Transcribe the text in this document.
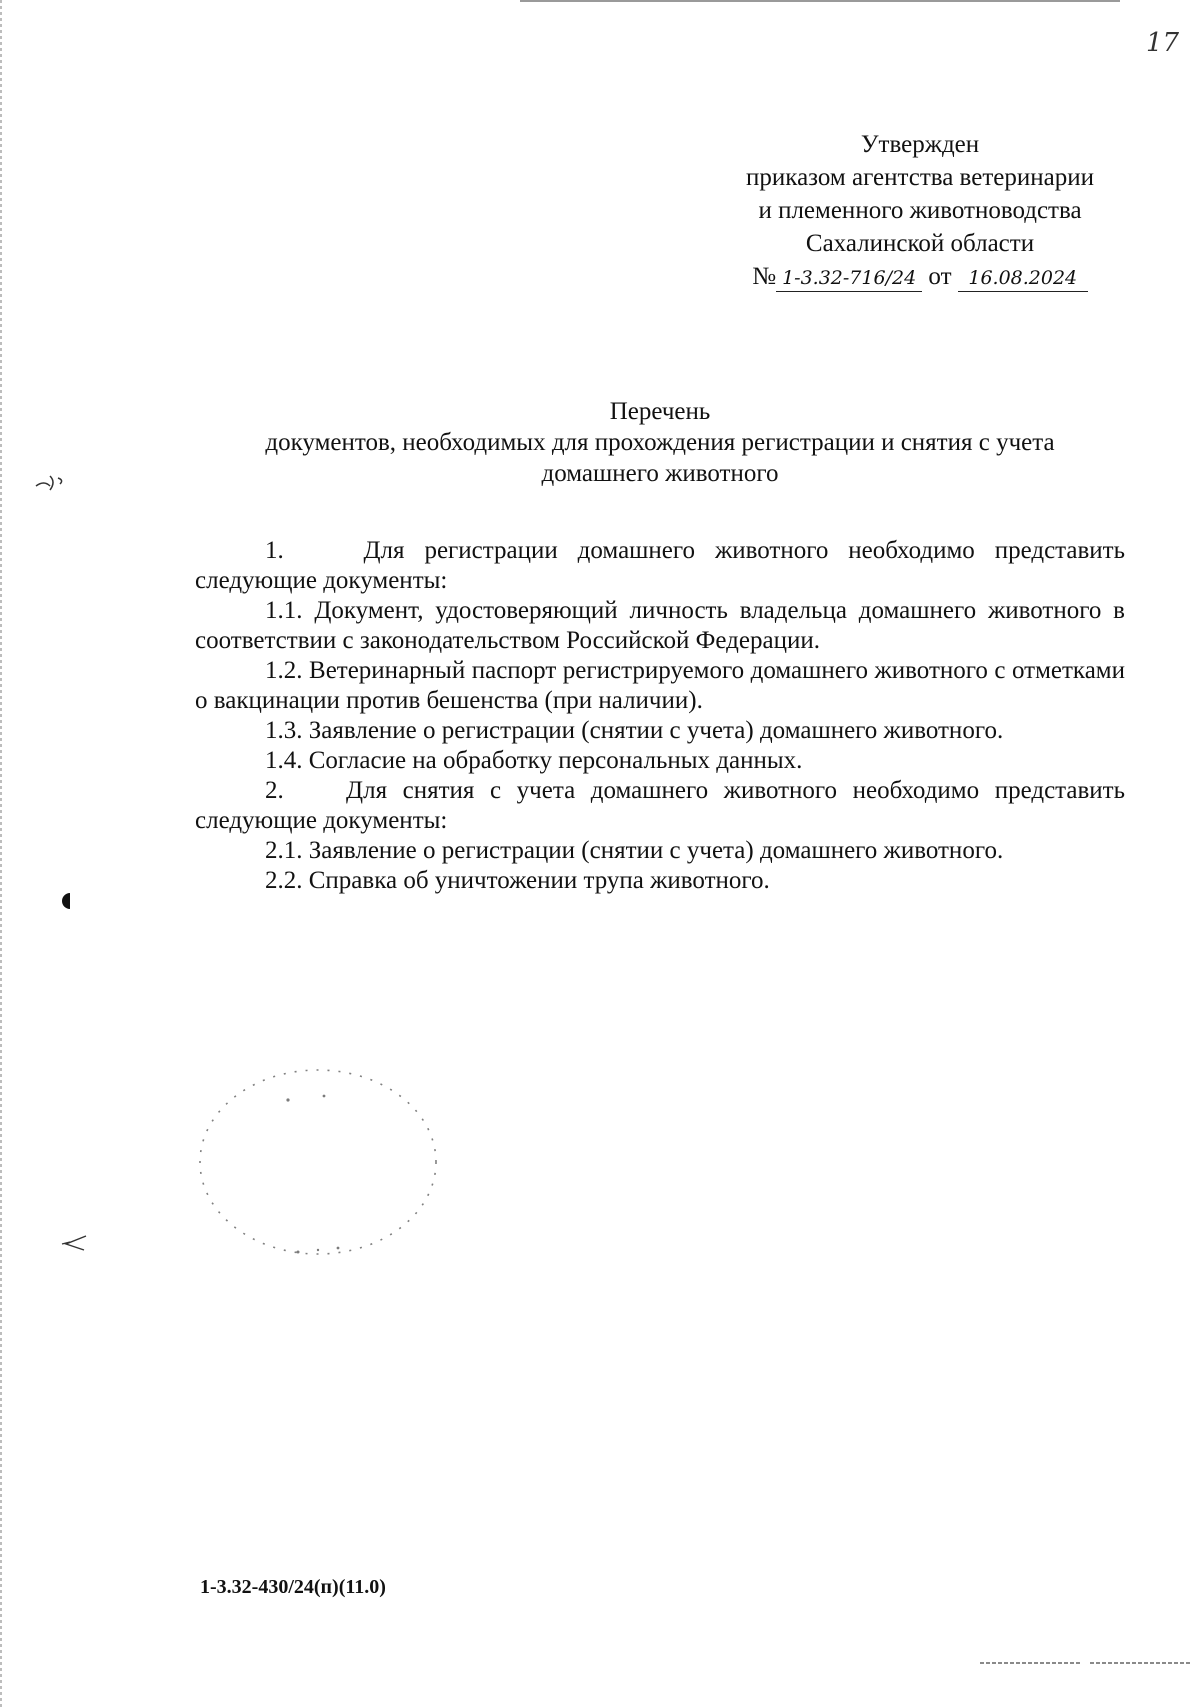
17
Утвержден
приказом агентства ветеринарии
и племенного животноводства
Сахалинской области
№ 1-3.32-716/24 от 16.08.2024
Перечень
документов, необходимых для прохождения регистрации и снятия с учета
домашнего животного

1.    Для регистрации домашнего животного необходимо представить следующие документы:

1.1. Документ, удостоверяющий личность владельца домашнего животного в соответствии с законодательством Российской Федерации.

1.2. Ветеринарный паспорт регистрируемого домашнего животного с отметками о вакцинации против бешенства (при наличии).

1.3. Заявление о регистрации (снятии с учета) домашнего животного.

1.4. Согласие на обработку персональных данных.

2.    Для снятия с учета домашнего животного необходимо представить следующие документы:

2.1. Заявление о регистрации (снятии с учета) домашнего животного.

2.2. Справка об уничтожении трупа животного.

1-3.32-430/24(п)(11.0)
